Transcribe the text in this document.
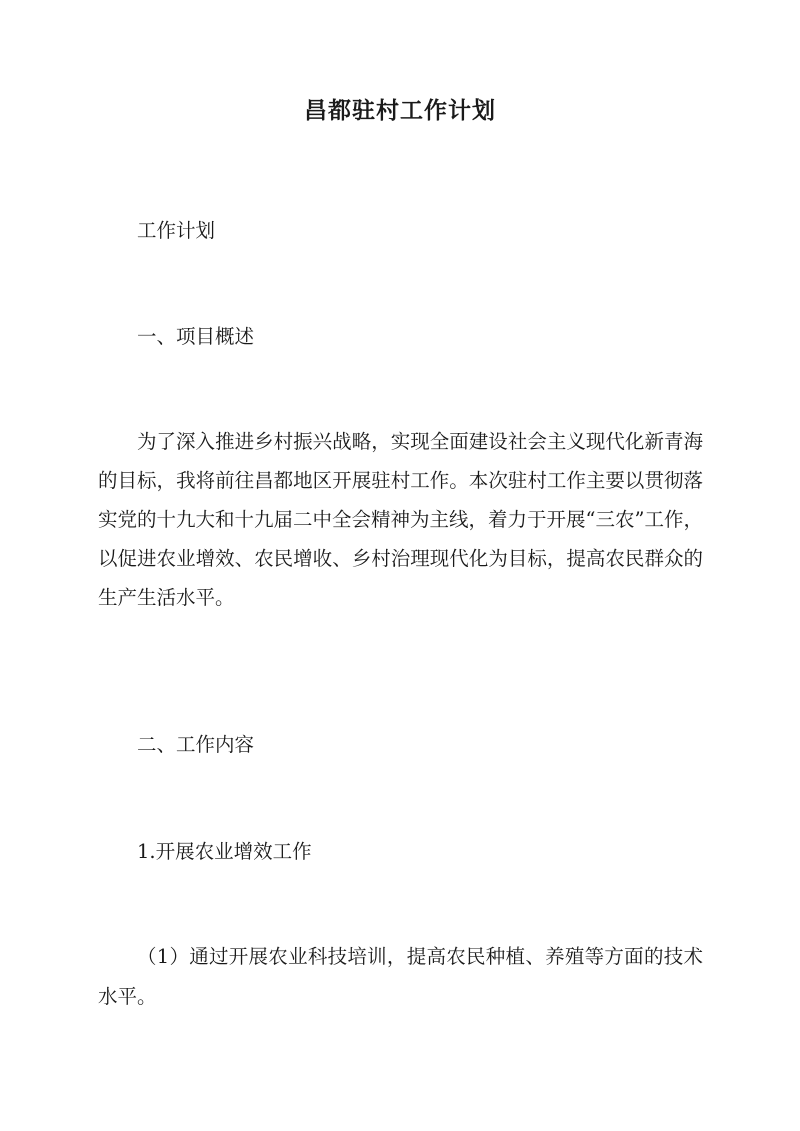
昌都驻村工作计划

工作计划

一、项目概述

为了深入推进乡村振兴战略，实现全面建设社会主义现代化新青海的目标，我将前往昌都地区开展驻村工作。本次驻村工作主要以贯彻落实党的十九大和十九届二中全会精神为主线，着力于开展“三农”工作，以促进农业增效、农民增收、乡村治理现代化为目标，提高农民群众的生产生活水平。

二、工作内容

1.开展农业增效工作

（1）通过开展农业科技培训，提高农民种植、养殖等方面的技术水平。
